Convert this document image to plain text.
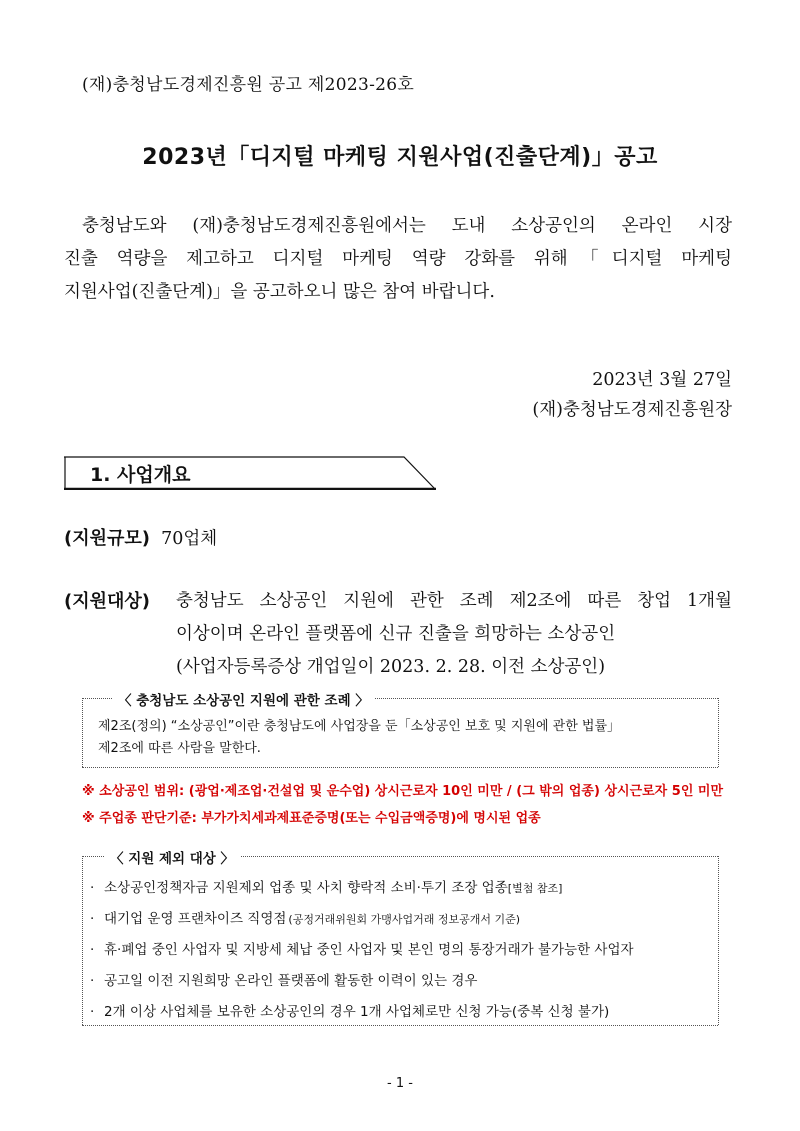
(재)충청남도경제진흥원 공고 제2023-26호
2023년「디지털 마케팅 지원사업(진출단계)」공고
충청남도와 (재)충청남도경제진흥원에서는 도내 소상공인의 온라인 시장
진출 역량을 제고하고 디지털 마케팅 역량 강화를 위해「디지털 마케팅
지원사업(진출단계)」을 공고하오니 많은 참여 바랍니다.
2023년 3월 27일
(재)충청남도경제진흥원장
1. 사업개요
(지원규모) 70업체
(지원대상) 충청남도 소상공인 지원에 관한 조례 제2조에 따른 창업 1개월
이상이며 온라인 플랫폼에 신규 진출을 희망하는 소상공인
(사업자등록증상 개업일이 2023. 2. 28. 이전 소상공인)
〈 충청남도 소상공인 지원에 관한 조례 〉
제2조(정의) “소상공인”이란 충청남도에 사업장을 둔「소상공인 보호 및 지원에 관한 법률」
제2조에 따른 사람을 말한다.
※ 소상공인 범위: (광업·제조업·건설업 및 운수업) 상시근로자 10인 미만 / (그 밖의 업종) 상시근로자 5인 미만
※ 주업종 판단기준: 부가가치세과제표준증명(또는 수입금액증명)에 명시된 업종
〈 지원 제외 대상 〉
· 소상공인정책자금 지원제외 업종 및 사치 향락적 소비·투기 조장 업종[별첨 참조]
· 대기업 운영 프랜차이즈 직영점 (공정거래위원회 가맹사업거래 정보공개서 기준)
· 휴·폐업 중인 사업자 및 지방세 체납 중인 사업자 및 본인 명의 통장거래가 불가능한 사업자
· 공고일 이전 지원희망 온라인 플랫폼에 활동한 이력이 있는 경우
· 2개 이상 사업체를 보유한 소상공인의 경우 1개 사업체로만 신청 가능(중복 신청 불가)
- 1 -
